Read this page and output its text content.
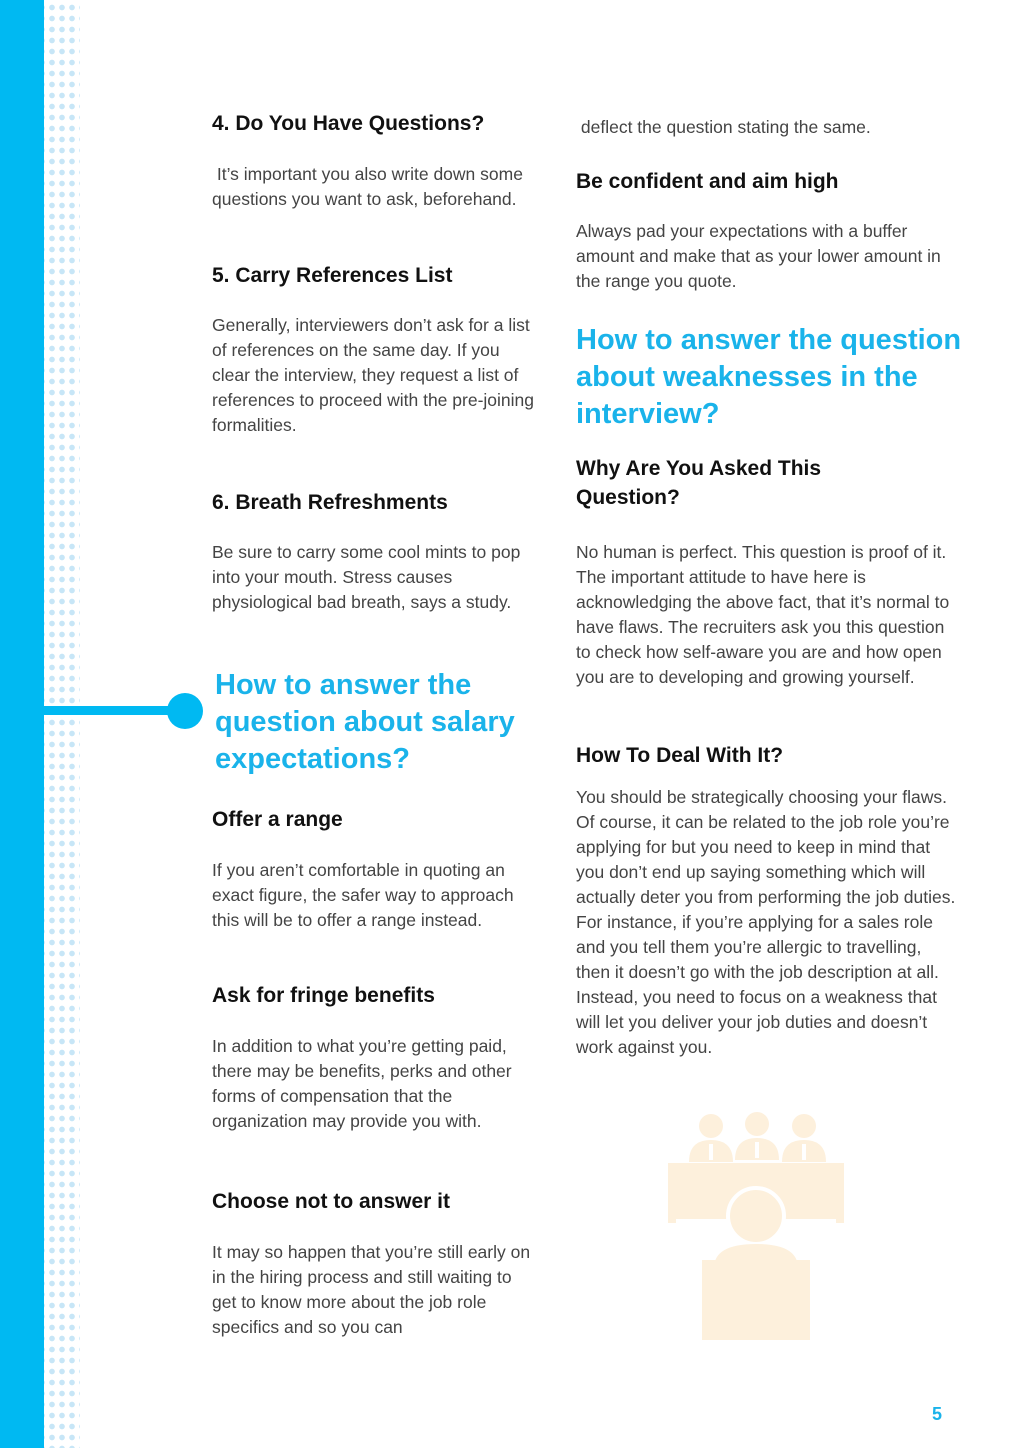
4. Do You Have Questions?

It’s important you also write down some questions you want to ask, beforehand.

5. Carry References List

Generally, interviewers don’t ask for a list of references on the same day. If you clear the interview, they request a list of references to proceed with the pre-joining formalities.

6. Breath Refreshments

Be sure to carry some cool mints to pop into your mouth. Stress causes physiological bad breath, says a study.

How to answer the question about salary expectations?
Offer a range

If you aren’t comfortable in quoting an exact figure, the safer way to approach this will be to offer a range instead.

Ask for fringe benefits

In addition to what you’re getting paid, there may be benefits, perks and other forms of compensation that the organization may provide you with.

Choose not to answer it

It may so happen that you’re still early on in the hiring process and still waiting to get to know more about the job role specifics and so you can

deflect the question stating the same.

Be confident and aim high

Always pad your expectations with a buffer amount and make that as your lower amount in the range you quote.

How to answer the question about weaknesses in the interview?
Why Are You Asked This Question?

No human is perfect. This question is proof of it. The important attitude to have here is acknowledging the above fact, that it’s normal to have flaws. The recruiters ask you this question to check how self-aware you are and how open you are to developing and growing yourself.

How To Deal With It?

You should be strategically choosing your flaws. Of course, it can be related to the job role you’re applying for but you need to keep in mind that you don’t end up saying something which will actually deter you from performing the job duties. For instance, if you’re applying for a sales role and you tell them you’re allergic to travelling, then it doesn’t go with the job description at all. Instead, you need to focus on a weakness that will let you deliver your job duties and doesn’t work against you.

5
